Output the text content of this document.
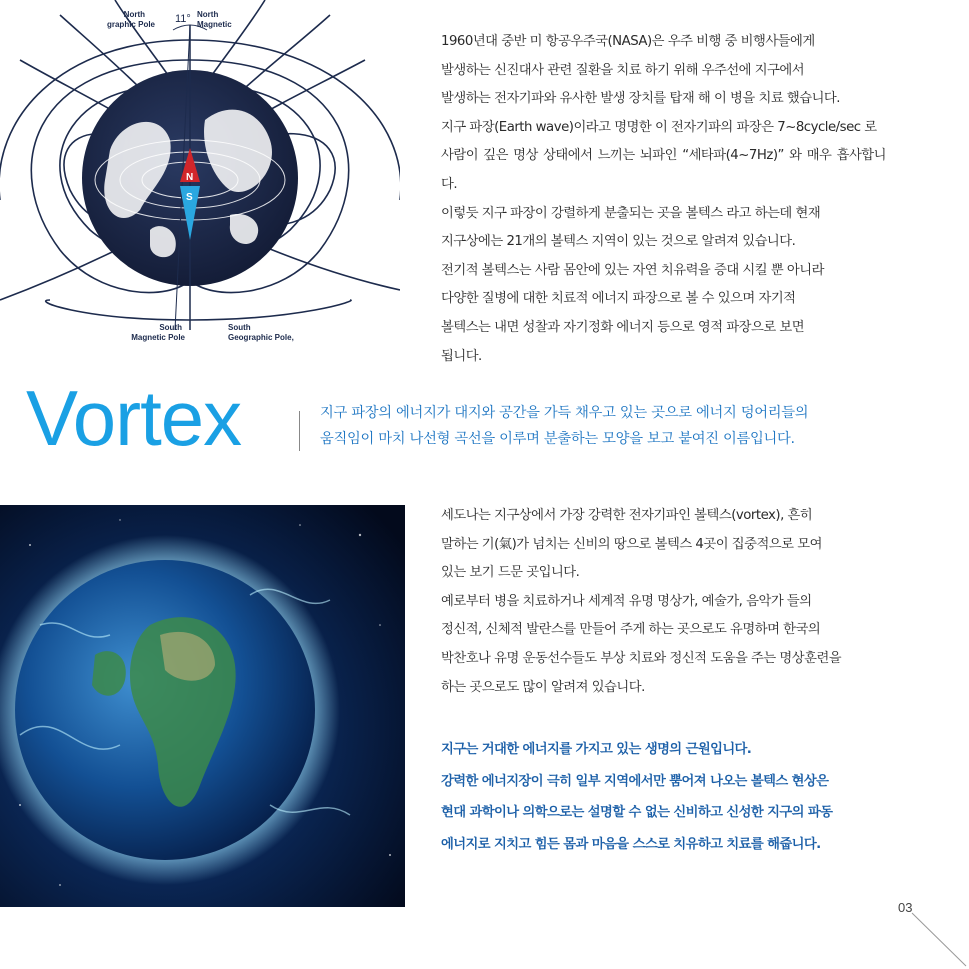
N
S
North
graphic Pole
North
Magnetic
11°
South
Magnetic Pole
South
Geographic Pole,

1960년대 중반 미 항공우주국(NASA)은 우주 비행 중 비행사들에게

발생하는 신진대사 관련 질환을 치료 하기 위해 우주선에 지구에서

발생하는 전자기파와 유사한 발생 장치를 탑재 해 이 병을 치료 했습니다.

지구 파장(Earth wave)이라고 명명한 이 전자기파의 파장은 7~8cycle/sec 로

사람이 깊은 명상 상태에서 느끼는 뇌파인 “세타파(4~7Hz)” 와 매우 흡사합니다.

이렇듯 지구 파장이 강렬하게 분출되는 곳을 볼텍스 라고 하는데 현재

지구상에는 21개의 볼텍스 지역이 있는 것으로 알려져 있습니다.

전기적 볼텍스는 사람 몸안에 있는 자연 치유력을 증대 시킬 뿐 아니라

다양한 질병에 대한 치료적 에너지 파장으로 볼 수 있으며 자기적

볼텍스는 내면 성찰과 자기정화 에너지 등으로 영적 파장으로 보면

됩니다.

Vortex	지구 파장의 에너지가 대지와 공간을 가득 채우고 있는 곳으로 에너지 덩어리들의

움직임이 마치 나선형 곡선을 이루며 분출하는 모양을 보고 붙여진 이름입니다.

세도나는 지구상에서 가장 강력한 전자기파인 볼텍스(vortex), 흔히

말하는 기(氣)가 넘치는 신비의 땅으로 볼텍스 4곳이 집중적으로 모여

있는 보기 드문 곳입니다.

예로부터 병을 치료하거나 세계적 유명 명상가, 예술가, 음악가 들의

정신적, 신체적 발란스를 만들어 주게 하는 곳으로도 유명하며 한국의

박찬호나 유명 운동선수들도 부상 치료와 정신적 도움을 주는 명상훈련을

하는 곳으로도 많이 알려져 있습니다.

지구는 거대한 에너지를 가지고 있는 생명의 근원입니다.

강력한 에너지장이 극히 일부 지역에서만 뿜어져 나오는 볼텍스 현상은

현대 과학이나 의학으로는 설명할 수 없는 신비하고 신성한 지구의 파동

에너지로 지치고 힘든 몸과 마음을 스스로 치유하고 치료를 해줍니다.

03
